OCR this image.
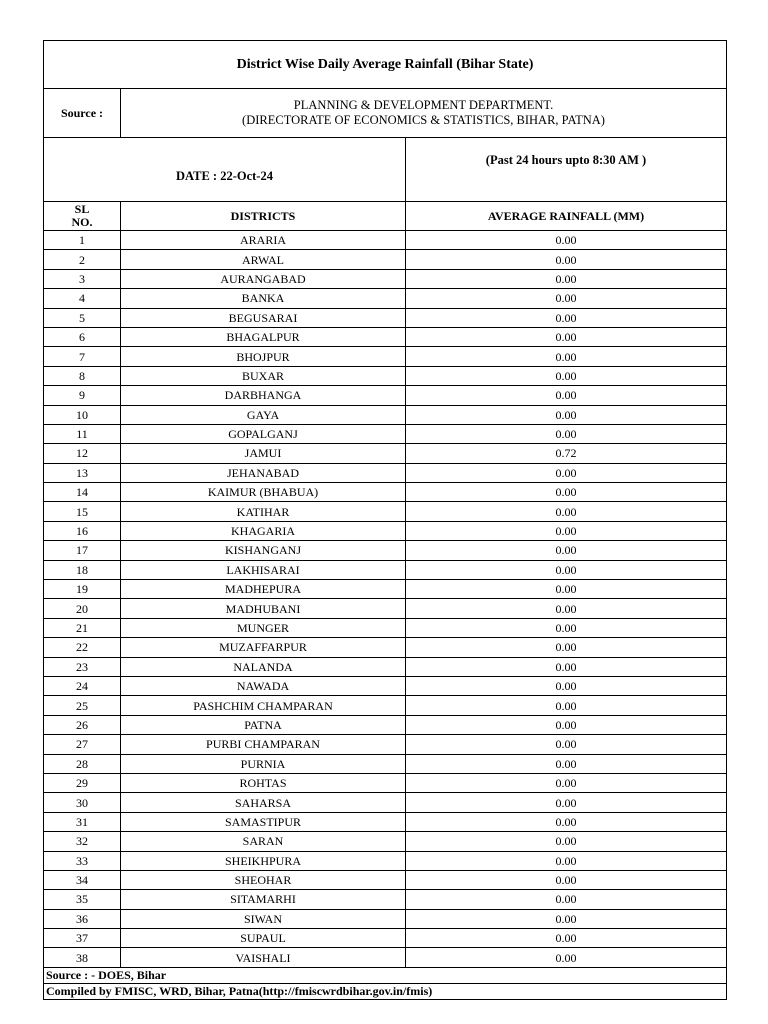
District Wise Daily Average Rainfall (Bihar State)		
Source :	PLANNING & DEVELOPMENT DEPARTMENT.
(DIRECTORATE OF ECONOMICS & STATISTICS, BIHAR, PATNA)	

DATE : 22-Oct-24		(Past 24 hours upto 8:30 AM )

SL
NO.	DISTRICTS	AVERAGE RAINFALL (MM)
1	ARARIA	0.00
2	ARWAL	0.00
3	AURANGABAD	0.00
4	BANKA	0.00
5	BEGUSARAI	0.00
6	BHAGALPUR	0.00
7	BHOJPUR	0.00
8	BUXAR	0.00
9	DARBHANGA	0.00
10	GAYA	0.00
11	GOPALGANJ	0.00
12	JAMUI	0.72
13	JEHANABAD	0.00
14	KAIMUR (BHABUA)	0.00
15	KATIHAR	0.00
16	KHAGARIA	0.00
17	KISHANGANJ	0.00
18	LAKHISARAI	0.00
19	MADHEPURA	0.00
20	MADHUBANI	0.00
21	MUNGER	0.00
22	MUZAFFARPUR	0.00
23	NALANDA	0.00
24	NAWADA	0.00
25	PASHCHIM CHAMPARAN	0.00
26	PATNA	0.00
27	PURBI CHAMPARAN	0.00
28	PURNIA	0.00
29	ROHTAS	0.00
30	SAHARSA	0.00
31	SAMASTIPUR	0.00
32	SARAN	0.00
33	SHEIKHPURA	0.00
34	SHEOHAR	0.00
35	SITAMARHI	0.00
36	SIWAN	0.00
37	SUPAUL	0.00
38	VAISHALI	0.00
Source : - DOES, Bihar		
Compiled by FMISC, WRD, Bihar, Patna(http://fmiscwrdbihar.gov.in/fmis)		
